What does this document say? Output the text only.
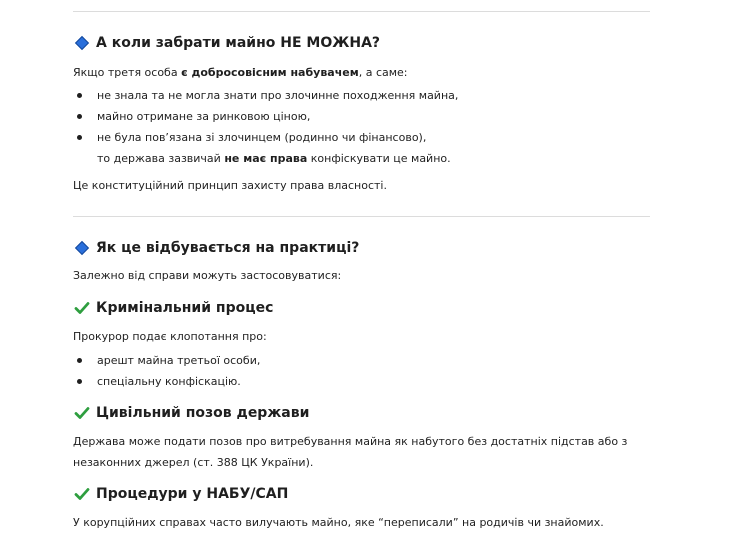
А коли забрати майно НЕ МОЖНА?
Якщо третя особа є добросовісним набувачем, а саме:
не знала та не могла знати про злочинне походження майна,
майно отримане за ринковою ціною,
не була пов’язана зі злочинцем (родинно чи фінансово),
то держава зазвичай не має права конфіскувати це майно.
Це конституційний принцип захисту права власності.
Як це відбувається на практиці?
Залежно від справи можуть застосовуватися:
Кримінальний процес
Прокурор подає клопотання про:
арешт майна третьої особи,
спеціальну конфіскацію.
Цивільний позов держави
Держава може подати позов про витребування майна як набутого без достатніх підстав або з
незаконних джерел (ст. 388 ЦК України).
Процедури у НАБУ/САП
У корупційних справах часто вилучають майно, яке “переписали” на родичів чи знайомих.
